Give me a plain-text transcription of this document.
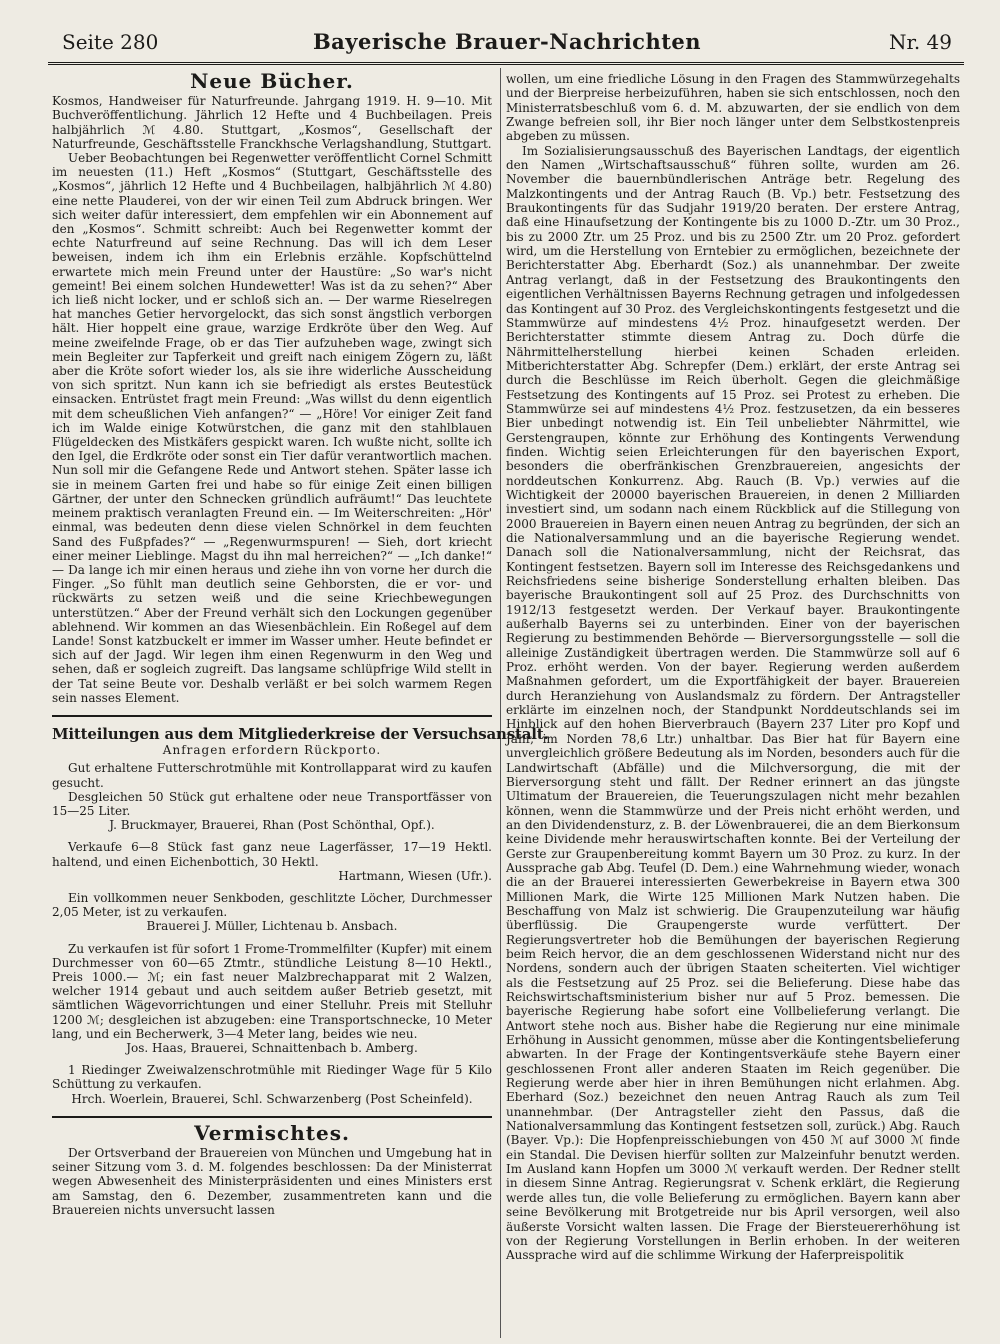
Seite 280	Bayerische Brauer-Nachrichten	Nr. 49
Neue Bücher.

Kosmos, Handweiser für Naturfreunde. Jahrgang 1919. H. 9—10. Mit Buchveröffentlichung. Jährlich 12 Hefte und 4 Buchbeilagen. Preis halbjährlich ℳ 4.80. Stuttgart, „Kosmos“, Gesellschaft der Naturfreunde, Geschäftsstelle Franckhsche Verlagshandlung, Stuttgart.

Ueber Beobachtungen bei Regenwetter veröffentlicht Cornel Schmitt im neuesten (11.) Heft „Kosmos“ (Stuttgart, Geschäftsstelle des „Kosmos“, jährlich 12 Hefte und 4 Buchbeilagen, halbjährlich ℳ 4.80) eine nette Plauderei, von der wir einen Teil zum Abdruck bringen. Wer sich weiter dafür interessiert, dem empfehlen wir ein Abonnement auf den „Kosmos“. Schmitt schreibt: Auch bei Regenwetter kommt der echte Naturfreund auf seine Rechnung. Das will ich dem Leser beweisen, indem ich ihm ein Erlebnis erzähle. Kopfschüttelnd erwartete mich mein Freund unter der Haustüre: „So war's nicht gemeint! Bei einem solchen Hundewetter! Was ist da zu sehen?“ Aber ich ließ nicht locker, und er schloß sich an. — Der warme Rieselregen hat manches Getier hervorgelockt, das sich sonst ängstlich verborgen hält. Hier hoppelt eine graue, warzige Erdkröte über den Weg. Auf meine zweifelnde Frage, ob er das Tier aufzuheben wage, zwingt sich mein Begleiter zur Tapferkeit und greift nach einigem Zögern zu, läßt aber die Kröte sofort wieder los, als sie ihre widerliche Ausscheidung von sich spritzt. Nun kann ich sie befriedigt als erstes Beutestück einsacken. Entrüstet fragt mein Freund: „Was willst du denn eigentlich mit dem scheußlichen Vieh anfangen?“ — „Höre! Vor einiger Zeit fand ich im Walde einige Kotwürstchen, die ganz mit den stahlblauen Flügeldecken des Mistkäfers gespickt waren. Ich wußte nicht, sollte ich den Igel, die Erdkröte oder sonst ein Tier dafür verantwortlich machen. Nun soll mir die Gefangene Rede und Antwort stehen. Später lasse ich sie in meinem Garten frei und habe so für einige Zeit einen billigen Gärtner, der unter den Schnecken gründlich aufräumt!“ Das leuchtete meinem praktisch veranlagten Freund ein. — Im Weiterschreiten: „Hör' einmal, was bedeuten denn diese vielen Schnörkel in dem feuchten Sand des Fußpfades?“ — „Regenwurmspuren! — Sieh, dort kriecht einer meiner Lieblinge. Magst du ihn mal herreichen?“ — „Ich danke!“ — Da lange ich mir einen heraus und ziehe ihn von vorne her durch die Finger. „So fühlt man deutlich seine Gehborsten, die er vor- und rückwärts zu setzen weiß und die seine Kriechbewegungen unterstützen.“ Aber der Freund verhält sich den Lockungen gegenüber ablehnend. Wir kommen an das Wiesenbächlein. Ein Roßegel auf dem Lande! Sonst katzbuckelt er immer im Wasser umher. Heute befindet er sich auf der Jagd. Wir legen ihm einen Regenwurm in den Weg und sehen, daß er sogleich zugreift. Das langsame schlüpfrige Wild stellt in der Tat seine Beute vor. Deshalb verläßt er bei solch warmem Regen sein nasses Element.

Mitteilungen aus dem Mitgliederkreise der Versuchsanstalt.
Anfragen erfordern Rückporto.

Gut erhaltene Futterschrotmühle mit Kontrollapparat wird zu kaufen gesucht.

Desgleichen 50 Stück gut erhaltene oder neue Transportfässer von 15—25 Liter.

J. Bruckmayer, Brauerei, Rhan (Post Schönthal, Opf.).

Verkaufe 6—8 Stück fast ganz neue Lagerfässer, 17—19 Hektl. haltend, und einen Eichenbottich, 30 Hektl.

Hartmann, Wiesen (Ufr.).

Ein vollkommen neuer Senkboden, geschlitzte Löcher, Durchmesser 2,05 Meter, ist zu verkaufen.

Brauerei J. Müller, Lichtenau b. Ansbach.

Zu verkaufen ist für sofort 1 Frome-Trommelfilter (Kupfer) mit einem Durchmesser von 60—65 Ztmtr., stündliche Leistung 8—10 Hektl., Preis 1000.— ℳ; ein fast neuer Malzbrechapparat mit 2 Walzen, welcher 1914 gebaut und auch seitdem außer Betrieb gesetzt, mit sämtlichen Wägevorrichtungen und einer Stelluhr. Preis mit Stelluhr 1200 ℳ; desgleichen ist abzugeben: eine Transportschnecke, 10 Meter lang, und ein Becherwerk, 3—4 Meter lang, beides wie neu.

Jos. Haas, Brauerei, Schnaittenbach b. Amberg.

1 Riedinger Zweiwalzenschrotmühle mit Riedinger Wage für 5 Kilo Schüttung zu verkaufen.

Hrch. Woerlein, Brauerei, Schl. Schwarzenberg (Post Scheinfeld).

Vermischtes.

Der Ortsverband der Brauereien von München und Umgebung hat in seiner Sitzung vom 3. d. M. folgendes beschlossen: Da der Ministerrat wegen Abwesenheit des Ministerpräsidenten und eines Ministers erst am Samstag, den 6. Dezember, zusammentreten kann und die Brauereien nichts unversucht lassen

wollen, um eine friedliche Lösung in den Fragen des Stammwürzegehalts und der Bierpreise herbeizuführen, haben sie sich entschlossen, noch den Ministerratsbeschluß vom 6. d. M. abzuwarten, der sie endlich von dem Zwange befreien soll, ihr Bier noch länger unter dem Selbstkostenpreis abgeben zu müssen.

Im Sozialisierungsausschuß des Bayerischen Landtags, der eigentlich den Namen „Wirtschaftsausschuß“ führen sollte, wurden am 26. November die bauernbündlerischen Anträge betr. Regelung des Malzkontingents und der Antrag Rauch (B. Vp.) betr. Festsetzung des Braukontingents für das Sudjahr 1919/20 beraten. Der erstere Antrag, daß eine Hinaufsetzung der Kontingente bis zu 1000 D.-Ztr. um 30 Proz., bis zu 2000 Ztr. um 25 Proz. und bis zu 2500 Ztr. um 20 Proz. gefordert wird, um die Herstellung von Erntebier zu ermöglichen, bezeichnete der Berichterstatter Abg. Eberhardt (Soz.) als unannehmbar. Der zweite Antrag verlangt, daß in der Festsetzung des Braukontingents den eigentlichen Verhältnissen Bayerns Rechnung getragen und infolgedessen das Kontingent auf 30 Proz. des Vergleichskontingents festgesetzt und die Stammwürze auf mindestens 4½ Proz. hinaufgesetzt werden. Der Berichterstatter stimmte diesem Antrag zu. Doch dürfe die Nährmittelherstellung hierbei keinen Schaden erleiden. Mitberichterstatter Abg. Schrepfer (Dem.) erklärt, der erste Antrag sei durch die Beschlüsse im Reich überholt. Gegen die gleichmäßige Festsetzung des Kontingents auf 15 Proz. sei Protest zu erheben. Die Stammwürze sei auf mindestens 4½ Proz. festzusetzen, da ein besseres Bier unbedingt notwendig ist. Ein Teil unbeliebter Nährmittel, wie Gerstengraupen, könnte zur Erhöhung des Kontingents Verwendung finden. Wichtig seien Erleichterungen für den bayerischen Export, besonders die oberfränkischen Grenzbrauereien, angesichts der norddeutschen Konkurrenz. Abg. Rauch (B. Vp.) verwies auf die Wichtigkeit der 20000 bayerischen Brauereien, in denen 2 Milliarden investiert sind, um sodann nach einem Rückblick auf die Stillegung von 2000 Brauereien in Bayern einen neuen Antrag zu begründen, der sich an die Nationalversammlung und an die bayerische Regierung wendet. Danach soll die Nationalversammlung, nicht der Reichsrat, das Kontingent festsetzen. Bayern soll im Interesse des Reichsgedankens und Reichsfriedens seine bisherige Sonderstellung erhalten bleiben. Das bayerische Braukontingent soll auf 25 Proz. des Durchschnitts von 1912/13 festgesetzt werden. Der Verkauf bayer. Braukontingente außerhalb Bayerns sei zu unterbinden. Einer von der bayerischen Regierung zu bestimmenden Behörde — Bierversorgungsstelle — soll die alleinige Zuständigkeit übertragen werden. Die Stammwürze soll auf 6 Proz. erhöht werden. Von der bayer. Regierung werden außerdem Maßnahmen gefordert, um die Exportfähigkeit der bayer. Brauereien durch Heranziehung von Auslandsmalz zu fördern. Der Antragsteller erklärte im einzelnen noch, der Standpunkt Norddeutschlands sei im Hinblick auf den hohen Bierverbrauch (Bayern 237 Liter pro Kopf und Jahr, im Norden 78,6 Ltr.) unhaltbar. Das Bier hat für Bayern eine unvergleichlich größere Bedeutung als im Norden, besonders auch für die Landwirtschaft (Abfälle) und die Milchversorgung, die mit der Bierversorgung steht und fällt. Der Redner erinnert an das jüngste Ultimatum der Brauereien, die Teuerungszulagen nicht mehr bezahlen können, wenn die Stammwürze und der Preis nicht erhöht werden, und an den Dividendensturz, z. B. der Löwenbrauerei, die an dem Bierkonsum keine Dividende mehr herauswirtschaften konnte. Bei der Verteilung der Gerste zur Graupenbereitung kommt Bayern um 30 Proz. zu kurz. In der Aussprache gab Abg. Teufel (D. Dem.) eine Wahrnehmung wieder, wonach die an der Brauerei interessierten Gewerbekreise in Bayern etwa 300 Millionen Mark, die Wirte 125 Millionen Mark Nutzen haben. Die Beschaffung von Malz ist schwierig. Die Graupenzuteilung war häufig überflüssig. Die Graupengerste wurde verfüttert. Der Regierungsvertreter hob die Bemühungen der bayerischen Regierung beim Reich hervor, die an dem geschlossenen Widerstand nicht nur des Nordens, sondern auch der übrigen Staaten scheiterten. Viel wichtiger als die Festsetzung auf 25 Proz. sei die Belieferung. Diese habe das Reichswirtschaftsministerium bisher nur auf 5 Proz. bemessen. Die bayerische Regierung habe sofort eine Vollbelieferung verlangt. Die Antwort stehe noch aus. Bisher habe die Regierung nur eine minimale Erhöhung in Aussicht genommen, müsse aber die Kontingentsbelieferung abwarten. In der Frage der Kontingentsverkäufe stehe Bayern einer geschlossenen Front aller anderen Staaten im Reich gegenüber. Die Regierung werde aber hier in ihren Bemühungen nicht erlahmen. Abg. Eberhard (Soz.) bezeichnet den neuen Antrag Rauch als zum Teil unannehmbar. (Der Antragsteller zieht den Passus, daß die Nationalversammlung das Kontingent festsetzen soll, zurück.) Abg. Rauch (Bayer. Vp.): Die Hopfenpreisschiebungen von 450 ℳ auf 3000 ℳ finde ein Standal. Die Devisen hierfür sollten zur Malzeinfuhr benutzt werden. Im Ausland kann Hopfen um 3000 ℳ verkauft werden. Der Redner stellt in diesem Sinne Antrag. Regierungsrat v. Schenk erklärt, die Regierung werde alles tun, die volle Belieferung zu ermöglichen. Bayern kann aber seine Bevölkerung mit Brotgetreide nur bis April versorgen, weil also äußerste Vorsicht walten lassen. Die Frage der Biersteuererhöhung ist von der Regierung Vorstellungen in Berlin erhoben. In der weiteren Aussprache wird auf die schlimme Wirkung der Haferpreispolitik
